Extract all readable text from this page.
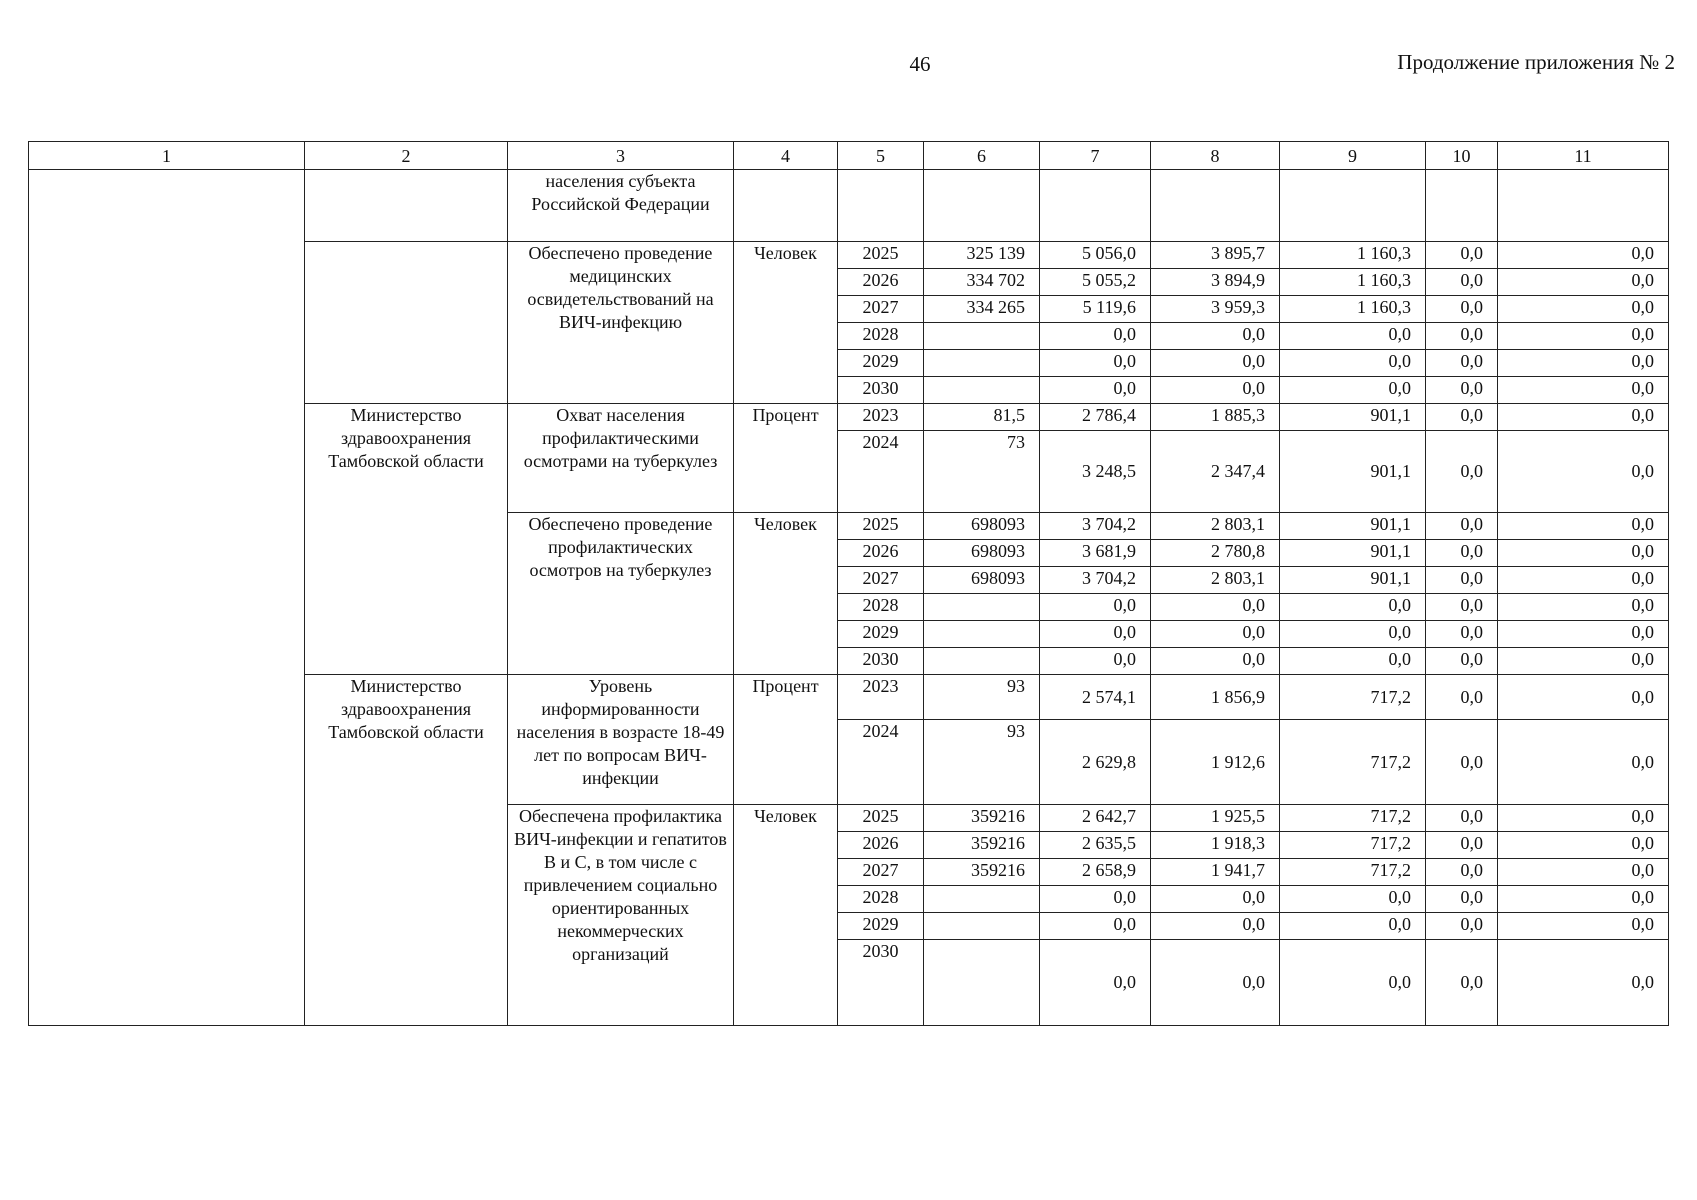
46	Продолжение приложения № 2
1	2	3	4	5	6	7	8	9	10	11
		населения субъекта Российской Федерации								
		Обеспечено проведение медицинских освидетельствований на ВИЧ-инфекцию	Человек	2025	325 139	5 056,0	3 895,7	1 160,3	0,0	0,0
				2026	334 702	5 055,2	3 894,9	1 160,3	0,0	0,0
				2027	334 265	5 119,6	3 959,3	1 160,3	0,0	0,0
				2028		0,0	0,0	0,0	0,0	0,0
				2029		0,0	0,0	0,0	0,0	0,0
				2030		0,0	0,0	0,0	0,0	0,0
	Министерство здравоохранения Тамбовской области	Охват населения профилактическими осмотрами на туберкулез	Процент	2023	81,5	2 786,4	1 885,3	901,1	0,0	0,0
				2024	73	3 248,5	2 347,4	901,1	0,0	0,0
		Обеспечено проведение профилактических осмотров на туберкулез	Человек	2025	698093	3 704,2	2 803,1	901,1	0,0	0,0
				2026	698093	3 681,9	2 780,8	901,1	0,0	0,0
				2027	698093	3 704,2	2 803,1	901,1	0,0	0,0
				2028		0,0	0,0	0,0	0,0	0,0
				2029		0,0	0,0	0,0	0,0	0,0
				2030		0,0	0,0	0,0	0,0	0,0
	Министерство здравоохранения Тамбовской области	Уровень информированности населения в возрасте 18-49 лет по вопросам ВИЧ-инфекции	Процент	2023	93	2 574,1	1 856,9	717,2	0,0	0,0
				2024	93	2 629,8	1 912,6	717,2	0,0	0,0
		Обеспечена профилактика ВИЧ-инфекции и гепатитов В и С, в том числе с привлечением социально ориентированных некоммерческих организаций	Человек	2025	359216	2 642,7	1 925,5	717,2	0,0	0,0
				2026	359216	2 635,5	1 918,3	717,2	0,0	0,0
				2027	359216	2 658,9	1 941,7	717,2	0,0	0,0
				2028		0,0	0,0	0,0	0,0	0,0
				2029		0,0	0,0	0,0	0,0	0,0
				2030		0,0	0,0	0,0	0,0	0,0
